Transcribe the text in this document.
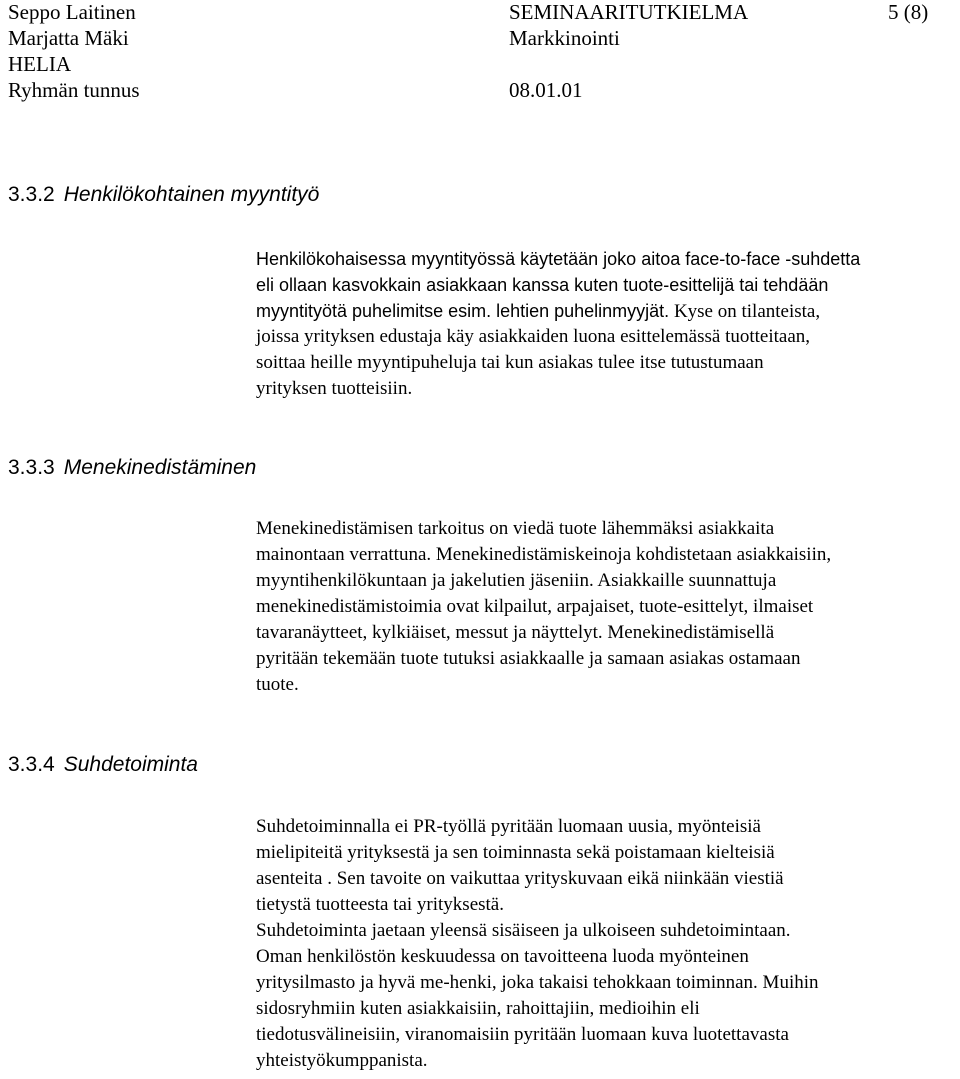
Seppo Laitinen	SEMINAARITUTKIELMA	5 (8)
Marjatta Mäki	Markkinointi
HELIA
Ryhmän tunnus	08.01.01
3.3.2 Henkilökohtainen myyntityö
Henkilökohaisessa myyntityössä käytetään joko aitoa face-to-face -suhdetta
eli ollaan kasvokkain asiakkaan kanssa kuten tuote-esittelijä tai tehdään
myyntityötä puhelimitse esim. lehtien puhelinmyyjät. Kyse on tilanteista,
joissa yrityksen edustaja käy asiakkaiden luona esittelemässä tuotteitaan,
soittaa heille myyntipuheluja tai kun asiakas tulee itse tutustumaan
yrityksen tuotteisiin.
3.3.3 Menekinedistäminen
Menekinedistämisen tarkoitus on viedä tuote lähemmäksi asiakkaita
mainontaan verrattuna. Menekinedistämiskeinoja kohdistetaan asiakkaisiin,
myyntihenkilökuntaan ja jakelutien jäseniin. Asiakkaille suunnattuja
menekinedistämistoimia ovat kilpailut, arpajaiset, tuote-esittelyt, ilmaiset
tavaranäytteet, kylkiäiset, messut ja näyttelyt. Menekinedistämisellä
pyritään tekemään tuote tutuksi asiakkaalle ja samaan asiakas ostamaan
tuote.
3.3.4 Suhdetoiminta
Suhdetoiminnalla ei PR-työllä pyritään luomaan uusia, myönteisiä
mielipiteitä yrityksestä ja sen toiminnasta sekä poistamaan kielteisiä
asenteita . Sen tavoite on vaikuttaa yrityskuvaan eikä niinkään viestiä
tietystä tuotteesta tai yrityksestä.
Suhdetoiminta jaetaan yleensä sisäiseen ja ulkoiseen suhdetoimintaan.
Oman henkilöstön keskuudessa on tavoitteena luoda myönteinen
yritysilmasto ja hyvä me-henki, joka takaisi tehokkaan toiminnan. Muihin
sidosryhmiin kuten asiakkaisiin, rahoittajiin, medioihin eli
tiedotusvälineisiin, viranomaisiin pyritään luomaan kuva luotettavasta
yhteistyökumppanista.
